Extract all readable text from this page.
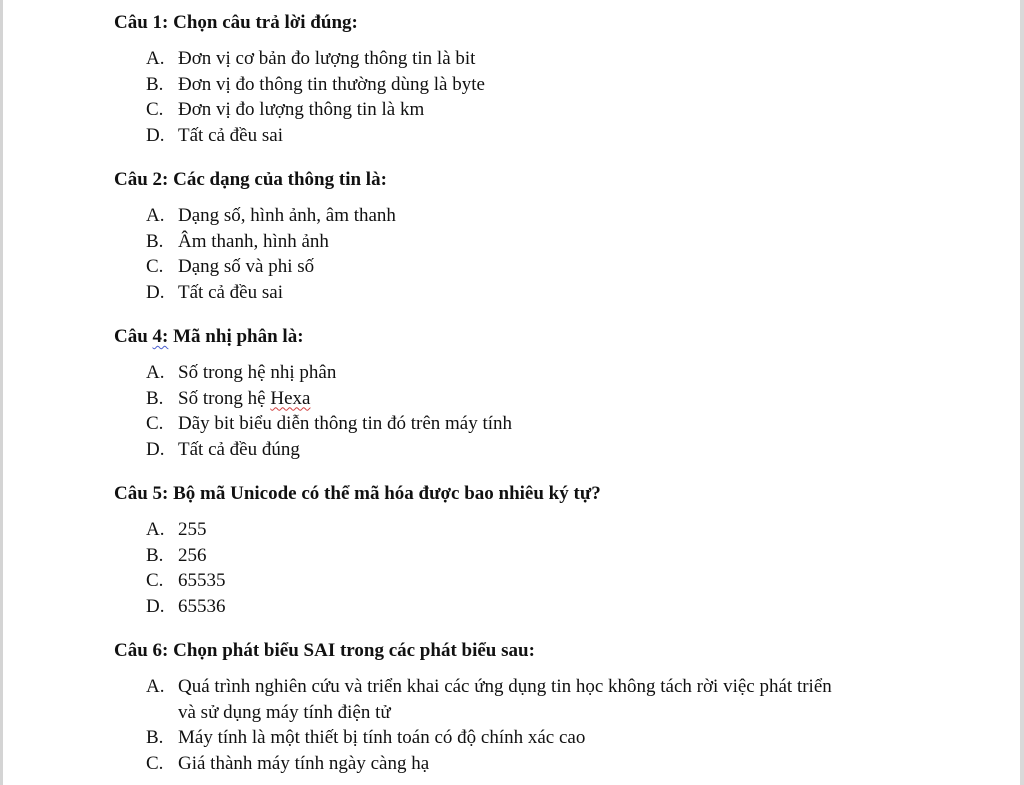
Câu 1: Chọn câu trả lời đúng:
A. Đơn vị cơ bản đo lượng thông tin là bit
B. Đơn vị đo thông tin thường dùng là byte
C. Đơn vị đo lượng thông tin là km
D. Tất cả đều sai
Câu 2: Các dạng của thông tin là:
A. Dạng số, hình ảnh, âm thanh
B. Âm thanh, hình ảnh
C. Dạng số và phi số
D. Tất cả đều sai
Câu 4: Mã nhị phân là:
A. Số trong hệ nhị phân
B. Số trong hệ Hexa
C. Dãy bit biểu diễn thông tin đó trên máy tính
D. Tất cả đều đúng
Câu 5: Bộ mã Unicode có thể mã hóa được bao nhiêu ký tự?
A. 255
B. 256
C. 65535
D. 65536
Câu 6: Chọn phát biểu SAI trong các phát biểu sau:
A. Quá trình nghiên cứu và triển khai các ứng dụng tin học không tách rời việc phát triển
và sử dụng máy tính điện tử
B. Máy tính là một thiết bị tính toán có độ chính xác cao
C. Giá thành máy tính ngày càng hạ
